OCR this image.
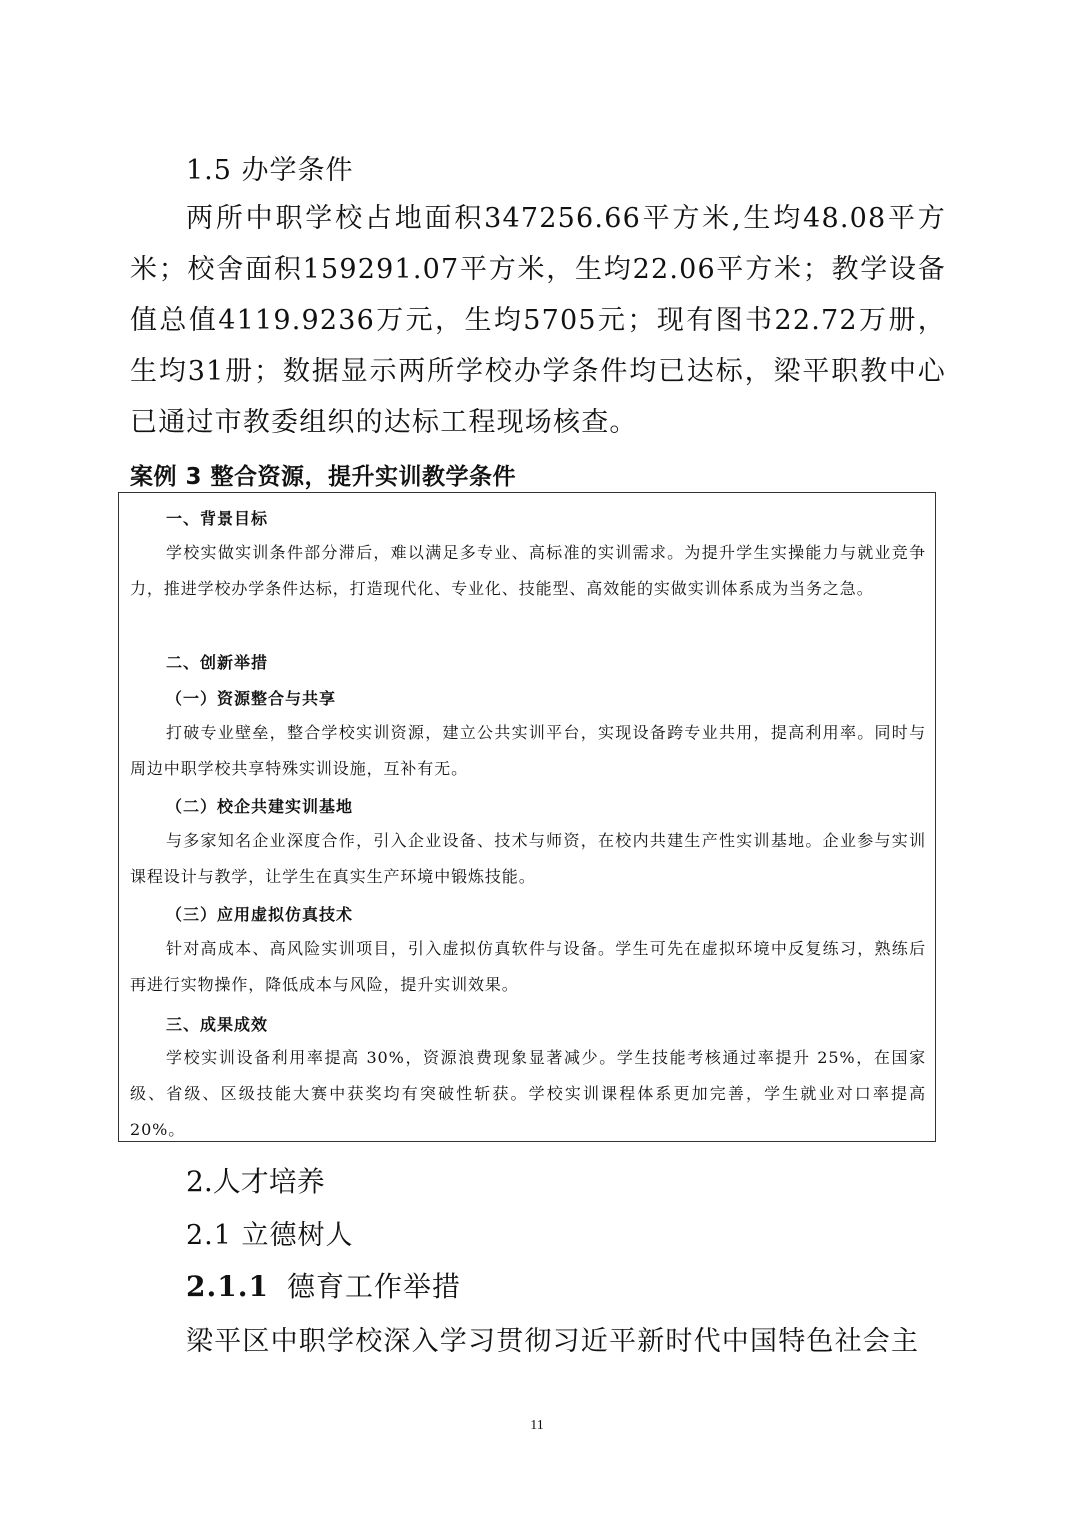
1.5 办学条件
两所中职学校占地面积347256.66平方米,生均48.08平方米；校舍面积159291.07平方米，生均22.06平方米；教学设备值总值4119.9236万元，生均5705元；现有图书22.72万册，生均31册；数据显示两所学校办学条件均已达标，梁平职教中心已通过市教委组织的达标工程现场核查。
案例 3 整合资源，提升实训教学条件
一、背景目标
学校实做实训条件部分滞后，难以满足多专业、高标准的实训需求。为提升学生实操能力与就业竞争力，推进学校办学条件达标，打造现代化、专业化、技能型、高效能的实做实训体系成为当务之急。
二、创新举措
（一）资源整合与共享
打破专业壁垒，整合学校实训资源，建立公共实训平台，实现设备跨专业共用，提高利用率。同时与周边中职学校共享特殊实训设施，互补有无。
（二）校企共建实训基地
与多家知名企业深度合作，引入企业设备、技术与师资，在校内共建生产性实训基地。企业参与实训课程设计与教学，让学生在真实生产环境中锻炼技能。
（三）应用虚拟仿真技术
针对高成本、高风险实训项目，引入虚拟仿真软件与设备。学生可先在虚拟环境中反复练习，熟练后再进行实物操作，降低成本与风险，提升实训效果。
三、成果成效
学校实训设备利用率提高 30%，资源浪费现象显著减少。学生技能考核通过率提升 25%，在国家级、省级、区级技能大赛中获奖均有突破性斩获。学校实训课程体系更加完善，学生就业对口率提高 20%。
2.人才培养
2.1 立德树人
2.1.1 德育工作举措
梁平区中职学校深入学习贯彻习近平新时代中国特色社会主
11
